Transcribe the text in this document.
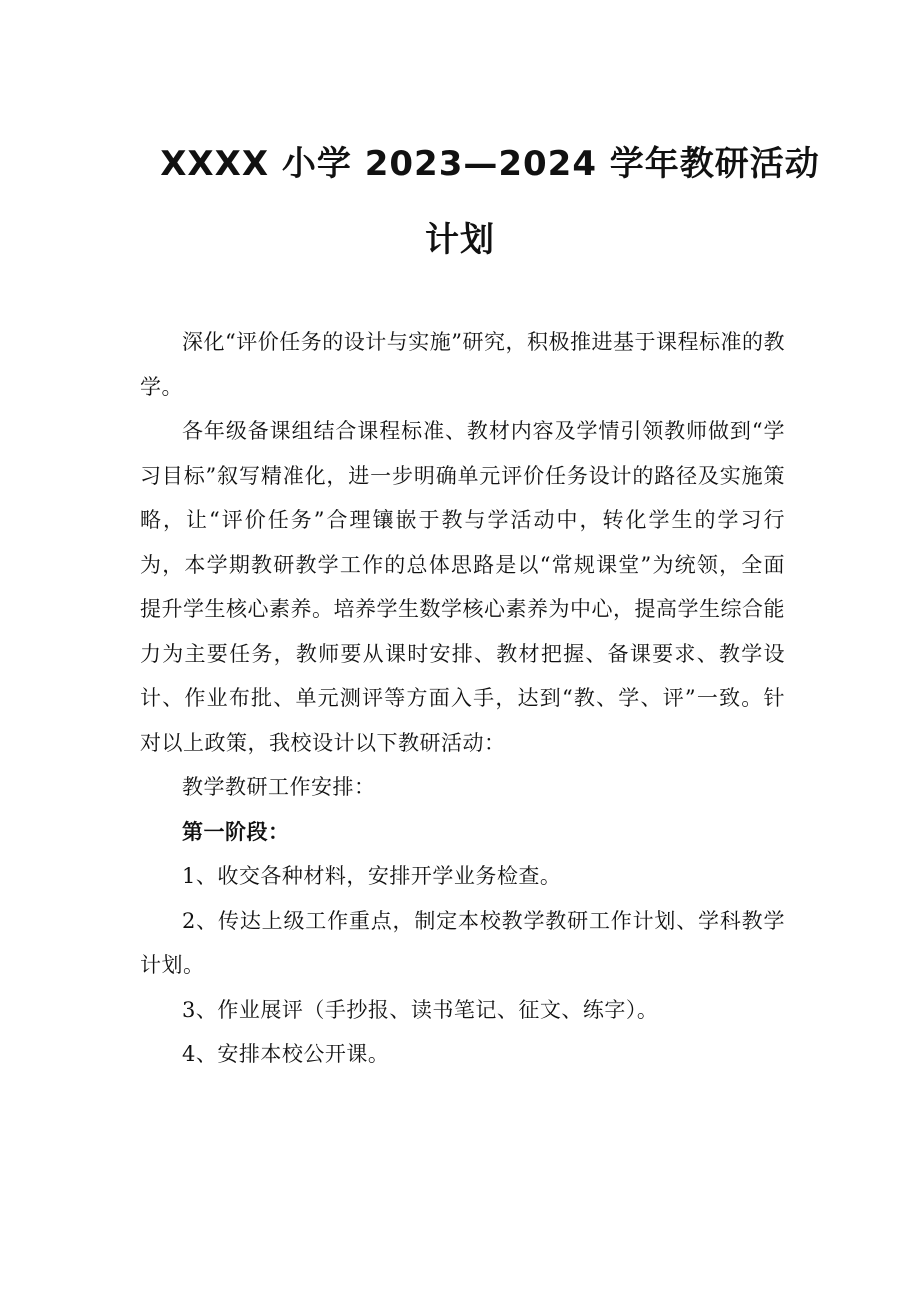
XXXX 小学 2023—2024 学年教研活动
计划

深化“评价任务的设计与实施”研究，积极推进基于课程标准的教学。

各年级备课组结合课程标准、教材内容及学情引领教师做到“学习目标”叙写精准化，进一步明确单元评价任务设计的路径及实施策略，让“评价任务”合理镶嵌于教与学活动中，转化学生的学习行为，本学期教研教学工作的总体思路是以“常规课堂”为统领，全面提升学生核心素养。培养学生数学核心素养为中心，提高学生综合能力为主要任务，教师要从课时安排、教材把握、备课要求、教学设计、作业布批、单元测评等方面入手，达到“教、学、评”一致。针对以上政策，我校设计以下教研活动：

教学教研工作安排：

第一阶段：

1、收交各种材料，安排开学业务检查。

2、传达上级工作重点，制定本校教学教研工作计划、学科教学计划。

3、作业展评（手抄报、读书笔记、征文、练字）。

4、安排本校公开课。
